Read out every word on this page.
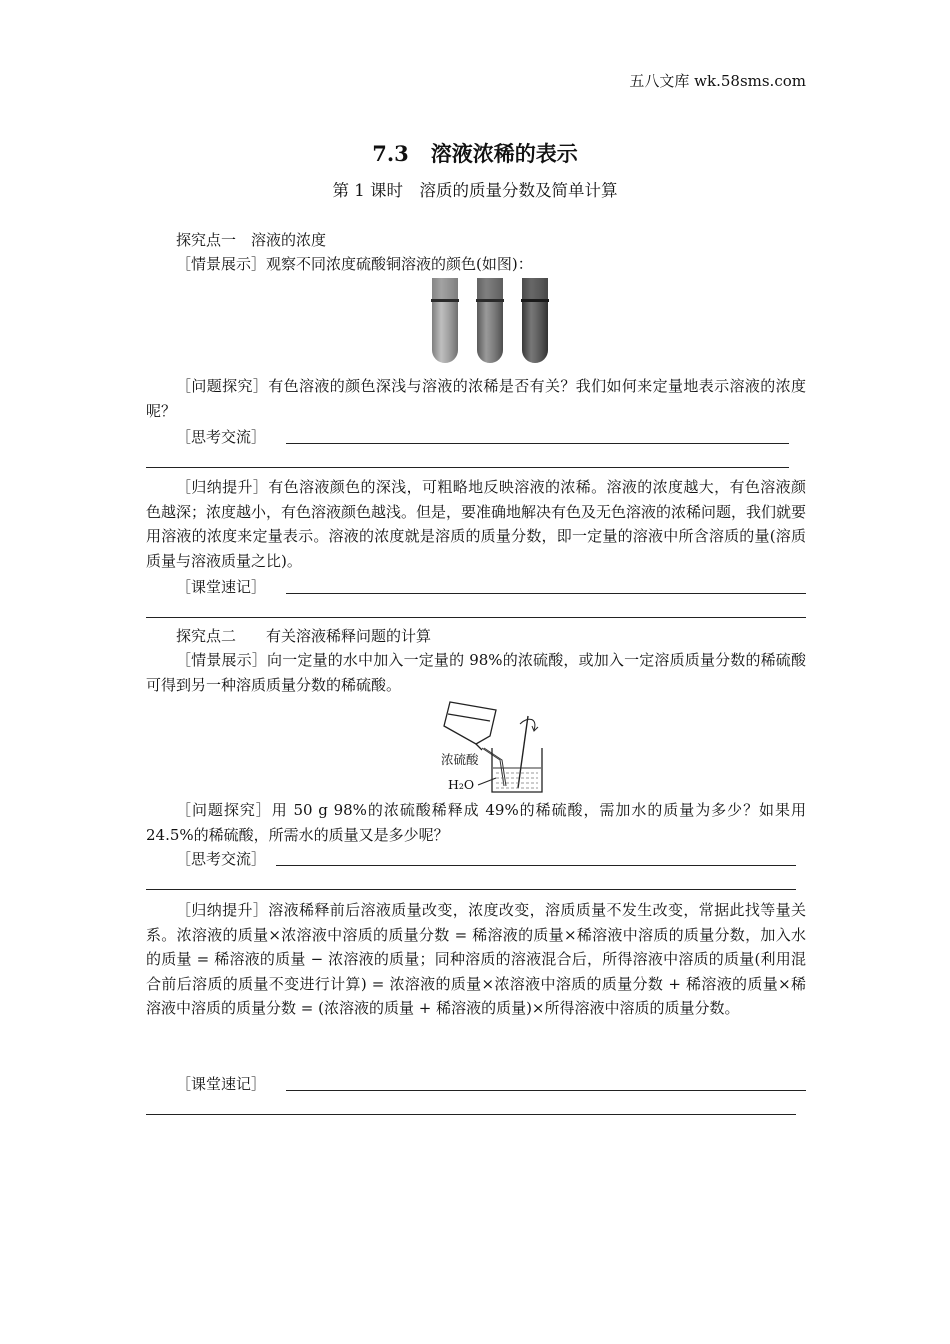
五八文库 wk.58sms.com
7.3 溶液浓稀的表示
第 1 课时　溶质的质量分数及简单计算
探究点一　溶液的浓度
［情景展示］观察不同浓度硫酸铜溶液的颜色(如图)：
［问题探究］有色溶液的颜色深浅与溶液的浓稀是否有关？我们如何来定量地表示溶液的浓度呢？
［思考交流］
［归纳提升］有色溶液颜色的深浅，可粗略地反映溶液的浓稀。溶液的浓度越大，有色溶液颜色越深；浓度越小，有色溶液颜色越浅。但是，要准确地解决有色及无色溶液的浓稀问题，我们就要用溶液的浓度来定量表示。溶液的浓度就是溶质的质量分数，即一定量的溶液中所含溶质的量(溶质质量与溶液质量之比)。
［课堂速记］
探究点二　　有关溶液稀释问题的计算
［情景展示］向一定量的水中加入一定量的 98%的浓硫酸，或加入一定溶质质量分数的稀硫酸可得到另一种溶质质量分数的稀硫酸。
浓硫酸
H₂O
［问题探究］用 50 g 98%的浓硫酸稀释成 49%的稀硫酸，需加水的质量为多少？如果用 24.5%的稀硫酸，所需水的质量又是多少呢？
［思考交流］
［归纳提升］溶液稀释前后溶液质量改变，浓度改变，溶质质量不发生改变，常据此找等量关系。浓溶液的质量×浓溶液中溶质的质量分数 = 稀溶液的质量×稀溶液中溶质的质量分数，加入水的质量 = 稀溶液的质量 − 浓溶液的质量；同种溶质的溶液混合后，所得溶液中溶质的质量(利用混合前后溶质的质量不变进行计算) = 浓溶液的质量×浓溶液中溶质的质量分数 + 稀溶液的质量×稀溶液中溶质的质量分数 = (浓溶液的质量 + 稀溶液的质量)×所得溶液中溶质的质量分数。
［课堂速记］
